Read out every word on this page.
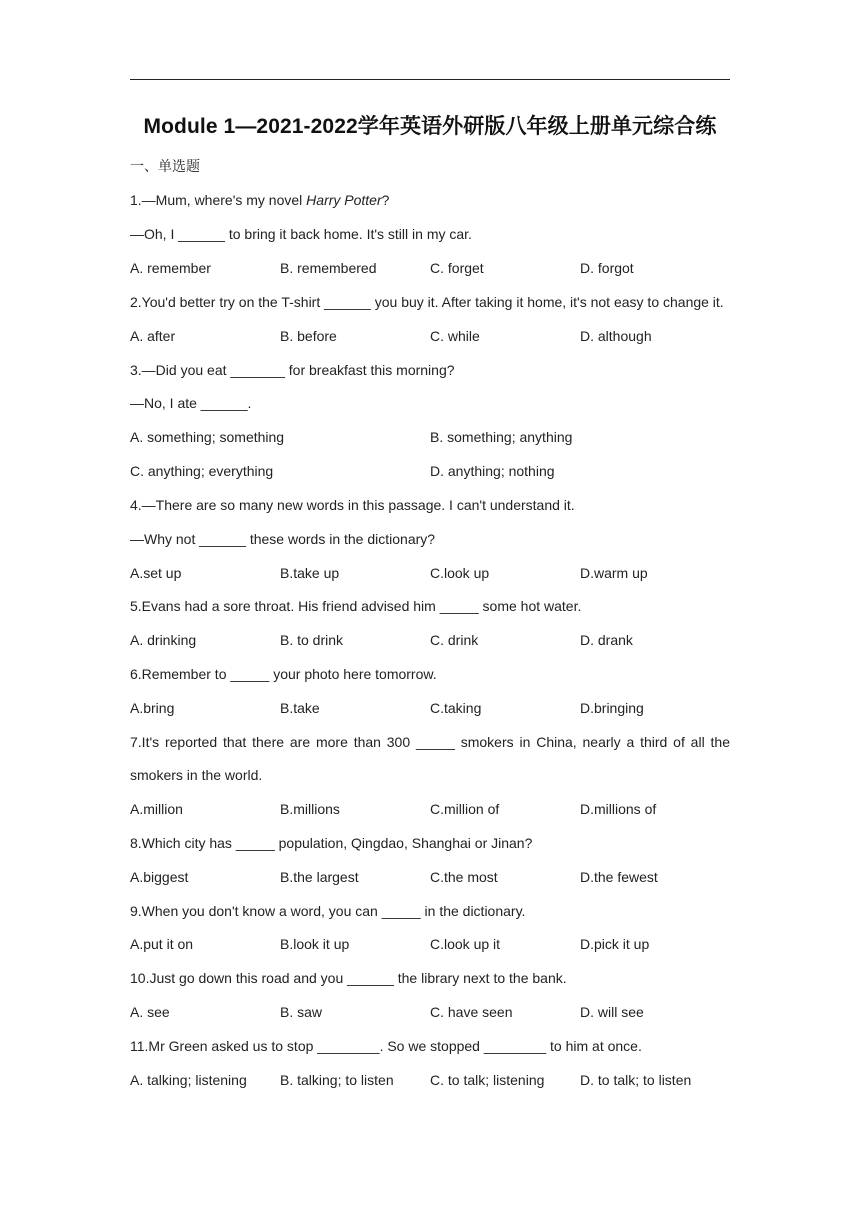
Module 1—2021-2022学年英语外研版八年级上册单元综合练
一、单选题
1.—Mum, where's my novel Harry Potter?
—Oh, I ______ to bring it back home. It's still in my car.
A. remember	B. remembered	C. forget	D. forgot
2.You'd better try on the T-shirt ______ you buy it. After taking it home, it's not easy to change it.
A. after	B. before	C. while	D. although
3.—Did you eat _______ for breakfast this morning?
—No, I ate ______.
A. something; something	B. something; anything
C. anything; everything	D. anything; nothing
4.—There are so many new words in this passage. I can't understand it.
—Why not ______ these words in the dictionary?
A.set up	B.take up	C.look up	D.warm up
5.Evans had a sore throat. His friend advised him _____ some hot water.
A. drinking	B. to drink	C. drink	D. drank
6.Remember to _____ your photo here tomorrow.
A.bring	B.take	C.taking	D.bringing
7.It's reported that there are more than 300 _____ smokers in China, nearly a third of all the
smokers in the world.
A.million	B.millions	C.million of	D.millions of
8.Which city has _____ population, Qingdao, Shanghai or Jinan?
A.biggest	B.the largest	C.the most	D.the fewest
9.When you don't know a word, you can _____ in the dictionary.
A.put it on	B.look it up	C.look up it	D.pick it up
10.Just go down this road and you ______ the library next to the bank.
A. see	B. saw	C. have seen	D. will see
11.Mr Green asked us to stop ________. So we stopped ________ to him at once.
A. talking; listening B. talking; to listen	C. to talk; listening	D. to talk; to listen
